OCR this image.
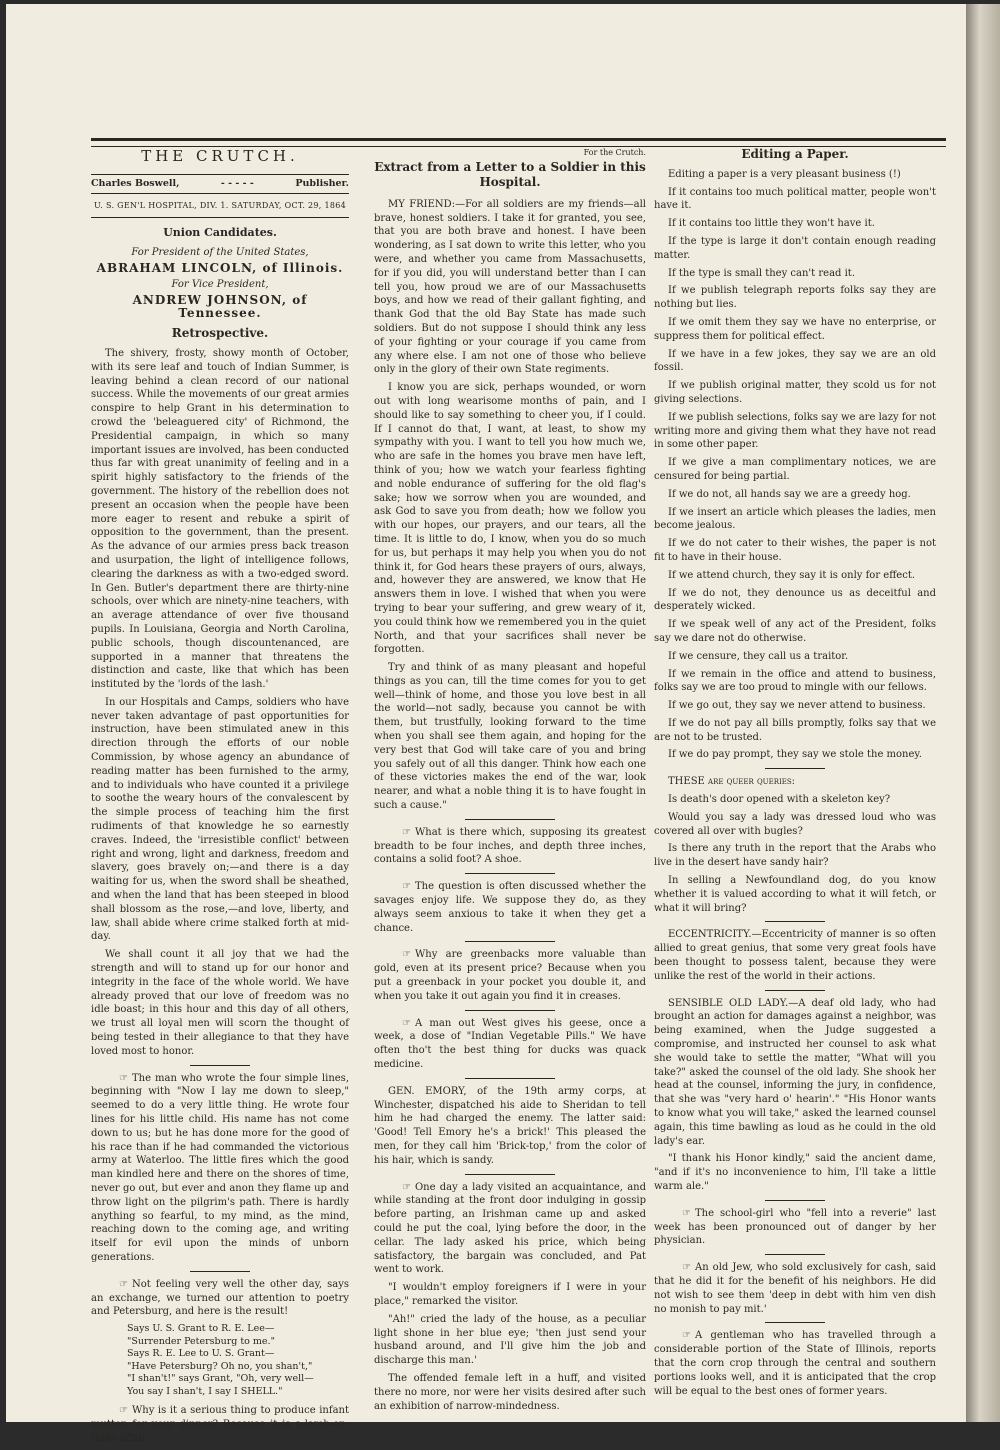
THE CRUTCH.
Charles Boswell,	- - - - -	Publisher.
U. S. GEN'L HOSPITAL, DIV. 1. SATURDAY, OCT. 29, 1864
Union Candidates.
For President of the United States,
ABRAHAM LINCOLN, of Illinois.
For Vice President,
ANDREW JOHNSON, of Tennessee.
Retrospective.

The shivery, frosty, showy month of October, with its sere leaf and touch of Indian Summer, is leaving behind a clean record of our national success. While the movements of our great armies conspire to help Grant in his determination to crowd the 'beleaguered city' of Richmond, the Presidential campaign, in which so many important issues are involved, has been conducted thus far with great unanimity of feeling and in a spirit highly satisfactory to the friends of the government. The history of the rebellion does not present an occasion when the people have been more eager to resent and rebuke a spirit of opposition to the government, than the present. As the advance of our armies press back treason and usurpation, the light of intelligence follows, clearing the darkness as with a two-edged sword. In Gen. Butler's department there are thirty-nine schools, over which are ninety-nine teachers, with an average attendance of over five thousand pupils. In Louisiana, Georgia and North Carolina, public schools, though discountenanced, are supported in a manner that threatens the distinction and caste, like that which has been instituted by the 'lords of the lash.'

In our Hospitals and Camps, soldiers who have never taken advantage of past opportunities for instruction, have been stimulated anew in this direction through the efforts of our noble Commission, by whose agency an abundance of reading matter has been furnished to the army, and to individuals who have counted it a privilege to soothe the weary hours of the convalescent by the simple process of teaching him the first rudiments of that knowledge he so earnestly craves. Indeed, the 'irresistible conflict' between right and wrong, light and darkness, freedom and slavery, goes bravely on;—and there is a day waiting for us, when the sword shall be sheathed, and when the land that has been steeped in blood shall blossom as the rose,—and love, liberty, and law, shall abide where crime stalked forth at mid-day.

We shall count it all joy that we had the strength and will to stand up for our honor and integrity in the face of the whole world. We have already proved that our love of freedom was no idle boast; in this hour and this day of all others, we trust all loyal men will scorn the thought of being tested in their allegiance to that they have loved most to honor.

☞ The man who wrote the four simple lines, beginning with "Now I lay me down to sleep," seemed to do a very little thing. He wrote four lines for his little child. His name has not come down to us; but he has done more for the good of his race than if he had commanded the victorious army at Waterloo. The little fires which the good man kindled here and there on the shores of time, never go out, but ever and anon they flame up and throw light on the pilgrim's path. There is hardly anything so fearful, to my mind, as the mind, reaching down to the coming age, and writing itself for evil upon the minds of unborn generations.

☞ Not feeling very well the other day, says an exchange, we turned our attention to poetry and Petersburg, and here is the result!

Says U. S. Grant to R. E. Lee—
"Surrender Petersburg to me."
Says R. E. Lee to U. S. Grant—
"Have Petersburg? Oh no, you shan't,"
"I shan't!" says Grant, "Oh, very well—
You say I shan't, I say I SHELL."

☞ Why is it a serious thing to produce infant mutton for your dinner? Because it is a-lamb-on-table affair.

For the Crutch.
Extract from a Letter to a Soldier in this Hospital.

MY FRIEND:—For all soldiers are my friends—all brave, honest soldiers. I take it for granted, you see, that you are both brave and honest. I have been wondering, as I sat down to write this letter, who you were, and whether you came from Massachusetts, for if you did, you will understand better than I can tell you, how proud we are of our Massachusetts boys, and how we read of their gallant fighting, and thank God that the old Bay State has made such soldiers. But do not suppose I should think any less of your fighting or your courage if you came from any where else. I am not one of those who believe only in the glory of their own State regiments.

I know you are sick, perhaps wounded, or worn out with long wearisome months of pain, and I should like to say something to cheer you, if I could. If I cannot do that, I want, at least, to show my sympathy with you. I want to tell you how much we, who are safe in the homes you brave men have left, think of you; how we watch your fearless fighting and noble endurance of suffering for the old flag's sake; how we sorrow when you are wounded, and ask God to save you from death; how we follow you with our hopes, our prayers, and our tears, all the time. It is little to do, I know, when you do so much for us, but perhaps it may help you when you do not think it, for God hears these prayers of ours, always, and, however they are answered, we know that He answers them in love. I wished that when you were trying to bear your suffering, and grew weary of it, you could think how we remembered you in the quiet North, and that your sacrifices shall never be forgotten.

Try and think of as many pleasant and hopeful things as you can, till the time comes for you to get well—think of home, and those you love best in all the world—not sadly, because you cannot be with them, but trustfully, looking forward to the time when you shall see them again, and hoping for the very best that God will take care of you and bring you safely out of all this danger. Think how each one of these victories makes the end of the war, look nearer, and what a noble thing it is to have fought in such a cause."

☞ What is there which, supposing its greatest breadth to be four inches, and depth three inches, contains a solid foot? A shoe.

☞ The question is often discussed whether the savages enjoy life. We suppose they do, as they always seem anxious to take it when they get a chance.

☞ Why are greenbacks more valuable than gold, even at its present price? Because when you put a greenback in your pocket you double it, and when you take it out again you find it in creases.

☞ A man out West gives his geese, once a week, a dose of "Indian Vegetable Pills." We have often tho't the best thing for ducks was quack medicine.

GEN. EMORY, of the 19th army corps, at Winchester, dispatched his aide to Sheridan to tell him he had charged the enemy. The latter said: 'Good! Tell Emory he's a brick!' This pleased the men, for they call him 'Brick-top,' from the color of his hair, which is sandy.

☞ One day a lady visited an acquaintance, and while standing at the front door indulging in gossip before parting, an Irishman came up and asked could he put the coal, lying before the door, in the cellar. The lady asked his price, which being satisfactory, the bargain was concluded, and Pat went to work.

"I wouldn't employ foreigners if I were in your place," remarked the visitor.

"Ah!" cried the lady of the house, as a peculiar light shone in her blue eye; 'then just send your husband around, and I'll give him the job and discharge this man.'

The offended female left in a huff, and visited there no more, nor were her visits desired after such an exhibition of narrow-mindedness.

Editing a Paper.

Editing a paper is a very pleasant business (!)

If it contains too much political matter, people won't have it.

If it contains too little they won't have it.

If the type is large it don't contain enough reading matter.

If the type is small they can't read it.

If we publish telegraph reports folks say they are nothing but lies.

If we omit them they say we have no enterprise, or suppress them for political effect.

If we have in a few jokes, they say we are an old fossil.

If we publish original matter, they scold us for not giving selections.

If we publish selections, folks say we are lazy for not writing more and giving them what they have not read in some other paper.

If we give a man complimentary notices, we are censured for being partial.

If we do not, all hands say we are a greedy hog.

If we insert an article which pleases the ladies, men become jealous.

If we do not cater to their wishes, the paper is not fit to have in their house.

If we attend church, they say it is only for effect.

If we do not, they denounce us as deceitful and desperately wicked.

If we speak well of any act of the President, folks say we dare not do otherwise.

If we censure, they call us a traitor.

If we remain in the office and attend to business, folks say we are too proud to mingle with our fellows.

If we go out, they say we never attend to business.

If we do not pay all bills promptly, folks say that we are not to be trusted.

If we do pay prompt, they say we stole the money.

THESE are queer queries:

Is death's door opened with a skeleton key?

Would you say a lady was dressed loud who was covered all over with bugles?

Is there any truth in the report that the Arabs who live in the desert have sandy hair?

In selling a Newfoundland dog, do you know whether it is valued according to what it will fetch, or what it will bring?

ECCENTRICITY.—Eccentricity of manner is so often allied to great genius, that some very great fools have been thought to possess talent, because they were unlike the rest of the world in their actions.

SENSIBLE OLD LADY.—A deaf old lady, who had brought an action for damages against a neighbor, was being examined, when the Judge suggested a compromise, and instructed her counsel to ask what she would take to settle the matter, "What will you take?" asked the counsel of the old lady. She shook her head at the counsel, informing the jury, in confidence, that she was "very hard o' hearin'." "His Honor wants to know what you will take," asked the learned counsel again, this time bawling as loud as he could in the old lady's ear.

"I thank his Honor kindly," said the ancient dame, "and if it's no inconvenience to him, I'll take a little warm ale."

☞ The school-girl who "fell into a reverie" last week has been pronounced out of danger by her physician.

☞ An old Jew, who sold exclusively for cash, said that he did it for the benefit of his neighbors. He did not wish to see them 'deep in debt with him ven dish no monish to pay mit.'

☞ A gentleman who has travelled through a considerable portion of the State of Illinois, reports that the corn crop through the central and southern portions looks well, and it is anticipated that the crop will be equal to the best ones of former years.
